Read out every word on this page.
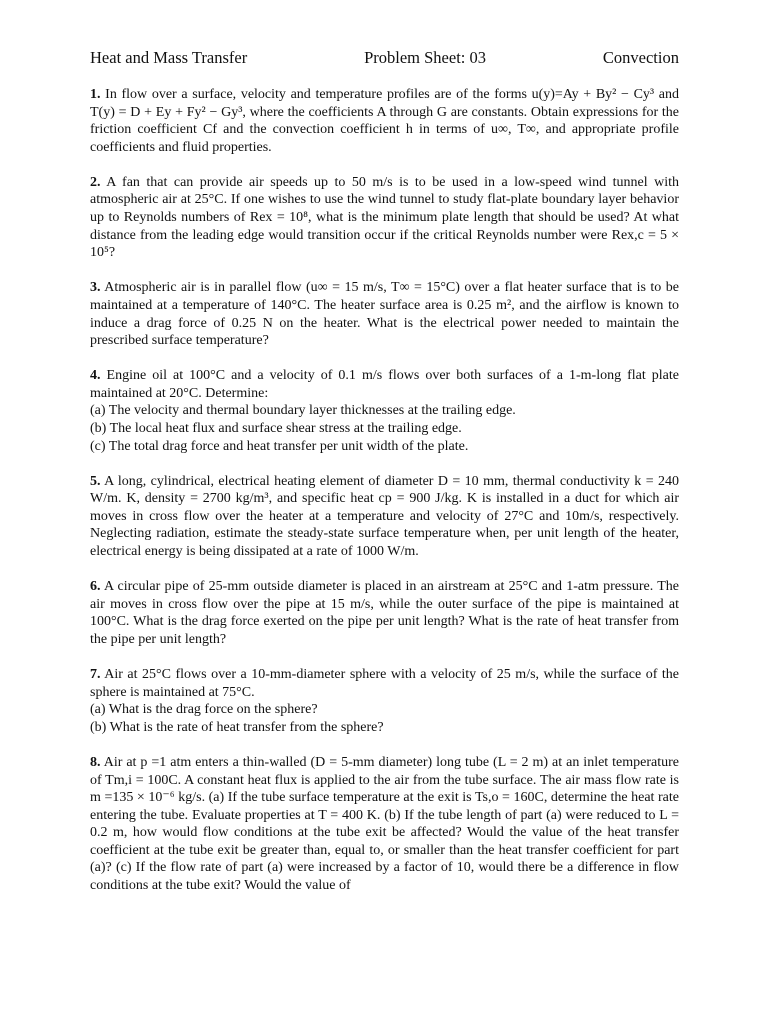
Heat and Mass Transfer	Problem Sheet: 03	Convection

1. In flow over a surface, velocity and temperature profiles are of the forms u(y)=Ay + By² − Cy³ and T(y) = D + Ey + Fy² − Gy³, where the coefficients A through G are constants. Obtain expressions for the friction coefficient Cf and the convection coefficient h in terms of u∞, T∞, and appropriate profile coefficients and fluid properties.

2. A fan that can provide air speeds up to 50 m/s is to be used in a low-speed wind tunnel with atmospheric air at 25°C. If one wishes to use the wind tunnel to study flat-plate boundary layer behavior up to Reynolds numbers of Rex = 10⁸, what is the minimum plate length that should be used? At what distance from the leading edge would transition occur if the critical Reynolds number were Rex,c = 5 × 10⁵?

3. Atmospheric air is in parallel flow (u∞ = 15 m/s, T∞ = 15°C) over a flat heater surface that is to be maintained at a temperature of 140°C. The heater surface area is 0.25 m², and the airflow is known to induce a drag force of 0.25 N on the heater. What is the electrical power needed to maintain the prescribed surface temperature?

4. Engine oil at 100°C and a velocity of 0.1 m/s flows over both surfaces of a 1-m-long flat plate maintained at 20°C. Determine:

(a) The velocity and thermal boundary layer thicknesses at the trailing edge.

(b) The local heat flux and surface shear stress at the trailing edge.

(c) The total drag force and heat transfer per unit width of the plate.

5. A long, cylindrical, electrical heating element of diameter D = 10 mm, thermal conductivity k = 240 W/m. K, density = 2700 kg/m³, and specific heat cp = 900 J/kg. K is installed in a duct for which air moves in cross flow over the heater at a temperature and velocity of 27°C and 10m/s, respectively. Neglecting radiation, estimate the steady-state surface temperature when, per unit length of the heater, electrical energy is being dissipated at a rate of 1000 W/m.

6. A circular pipe of 25-mm outside diameter is placed in an airstream at 25°C and 1-atm pressure. The air moves in cross flow over the pipe at 15 m/s, while the outer surface of the pipe is maintained at 100°C. What is the drag force exerted on the pipe per unit length? What is the rate of heat transfer from the pipe per unit length?

7. Air at 25°C flows over a 10-mm-diameter sphere with a velocity of 25 m/s, while the surface of the sphere is maintained at 75°C.

(a) What is the drag force on the sphere?

(b) What is the rate of heat transfer from the sphere?

8. Air at p =1 atm enters a thin-walled (D = 5-mm diameter) long tube (L = 2 m) at an inlet temperature of Tm,i = 100C. A constant heat flux is applied to the air from the tube surface. The air mass flow rate is m =135 × 10⁻⁶ kg/s. (a) If the tube surface temperature at the exit is Ts,o = 160C, determine the heat rate entering the tube. Evaluate properties at T = 400 K. (b) If the tube length of part (a) were reduced to L = 0.2 m, how would flow conditions at the tube exit be affected? Would the value of the heat transfer coefficient at the tube exit be greater than, equal to, or smaller than the heat transfer coefficient for part (a)? (c) If the flow rate of part (a) were increased by a factor of 10, would there be a difference in flow conditions at the tube exit? Would the value of
